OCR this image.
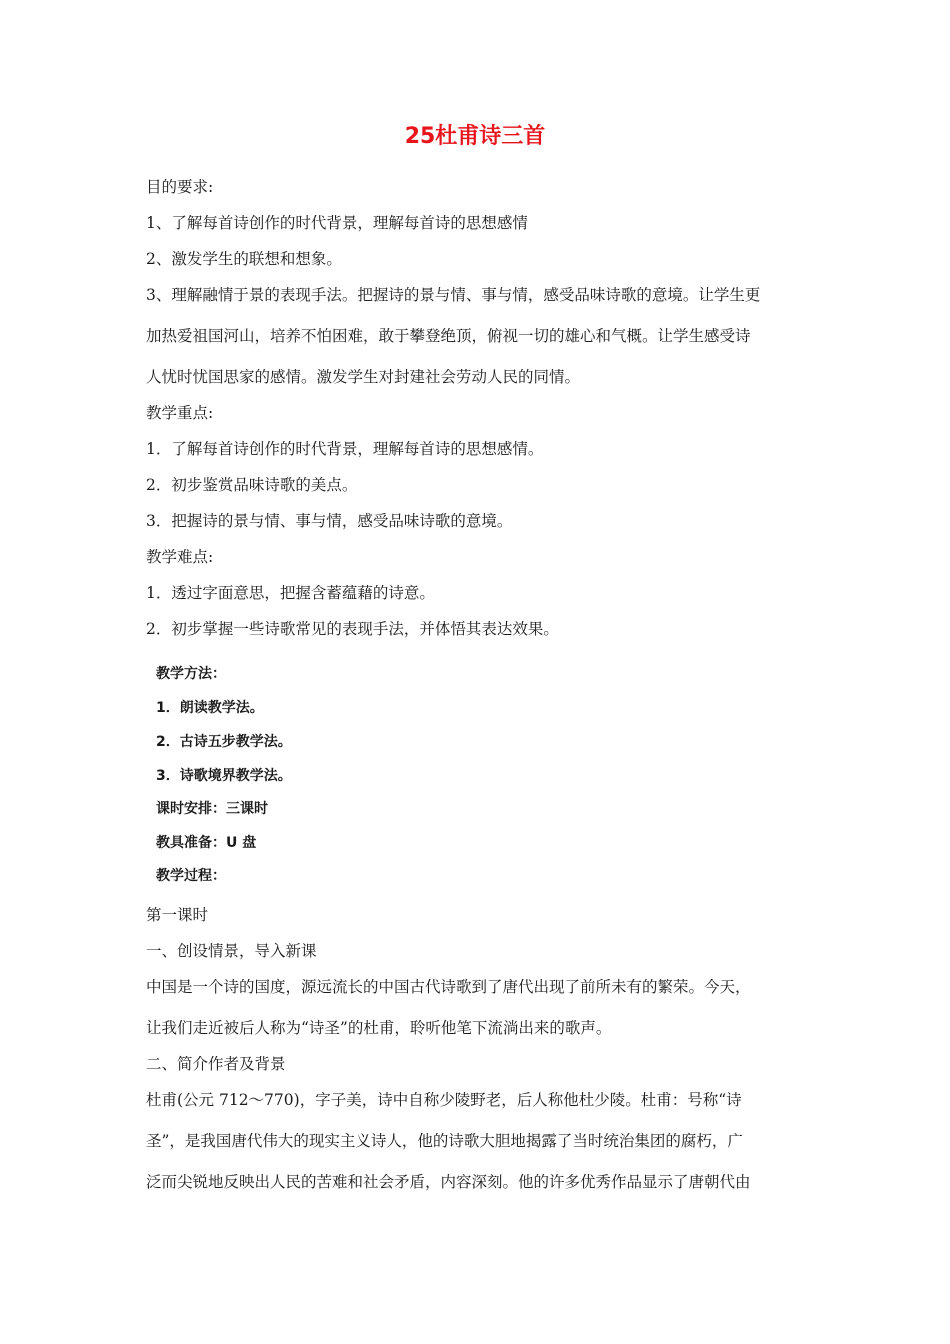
25杜甫诗三首
目的要求:
1、了解每首诗创作的时代背景，理解每首诗的思想感情
2、激发学生的联想和想象。
3、理解融情于景的表现手法。把握诗的景与情、事与情，感受品味诗歌的意境。让学生更
加热爱祖国河山，培养不怕困难，敢于攀登绝顶，俯视一切的雄心和气概。让学生感受诗
人忧时忧国思家的感情。激发学生对封建社会劳动人民的同情。
教学重点:
1．了解每首诗创作的时代背景，理解每首诗的思想感情。
2．初步鉴赏品味诗歌的美点。
3．把握诗的景与情、事与情，感受品味诗歌的意境。
教学难点:
1．透过字面意思，把握含蓄蕴藉的诗意。
2．初步掌握一些诗歌常见的表现手法，并体悟其表达效果。
教学方法：
1．朗读教学法。
2．古诗五步教学法。
3．诗歌境界教学法。
课时安排：三课时
教具准备：U 盘
教学过程：
第一课时
一、创设情景，导入新课
中国是一个诗的国度，源远流长的中国古代诗歌到了唐代出现了前所未有的繁荣。今天，
让我们走近被后人称为“诗圣”的杜甫，聆听他笔下流淌出来的歌声。
二、简介作者及背景
杜甫(公元 712～770)，字子美，诗中自称少陵野老，后人称他杜少陵。杜甫：号称“诗
圣”，是我国唐代伟大的现实主义诗人，他的诗歌大胆地揭露了当时统治集团的腐朽，广
泛而尖锐地反映出人民的苦难和社会矛盾，内容深刻。他的许多优秀作品显示了唐朝代由
